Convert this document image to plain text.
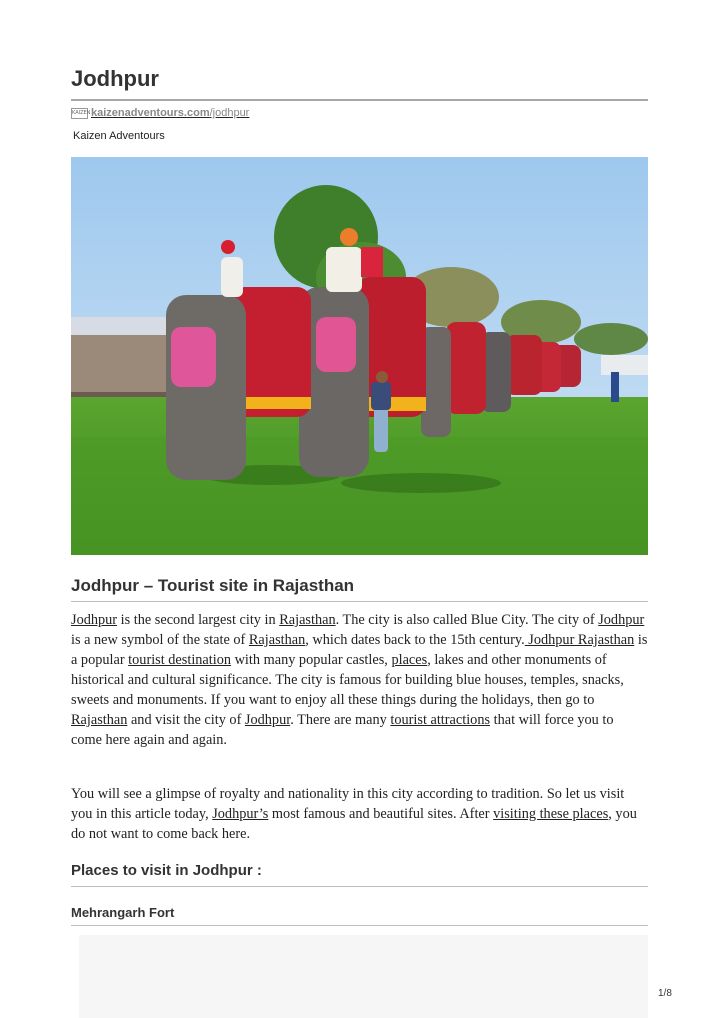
Jodhpur
KAIZEN kaizenadventours.com/jodhpur
Kaizen Adventours
Jodhpur – Tourist site in Rajasthan

Jodhpur is the second largest city in Rajasthan. The city is also called Blue City. The city of Jodhpur is a new symbol of the state of Rajasthan, which dates back to the 15th century. Jodhpur Rajasthan is a popular tourist destination with many popular castles, places, lakes and other monuments of historical and cultural significance. The city is famous for building blue houses, temples, snacks, sweets and monuments. If you want to enjoy all these things during the holidays, then go to Rajasthan and visit the city of Jodhpur. There are many tourist attractions that will force you to come here again and again.

You will see a glimpse of royalty and nationality in this city according to tradition. So let us visit you in this article today, Jodhpur’s most famous and beautiful sites. After visiting these places, you do not want to come back here.

Places to visit in Jodhpur :
Mehrangarh Fort
1/8
